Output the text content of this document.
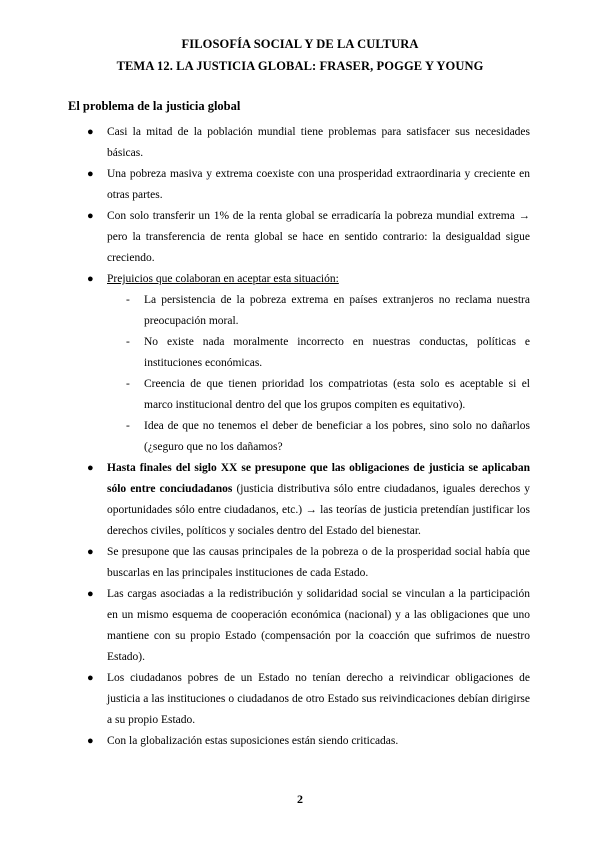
FILOSOFÍA SOCIAL Y DE LA CULTURA
TEMA 12. LA JUSTICIA GLOBAL: FRASER, POGGE Y YOUNG
El problema de la justicia global
● Casi la mitad de la población mundial tiene problemas para satisfacer sus necesidades básicas.
● Una pobreza masiva y extrema coexiste con una prosperidad extraordinaria y creciente en otras partes.
● Con solo transferir un 1% de la renta global se erradicaría la pobreza mundial extrema → pero la transferencia de renta global se hace en sentido contrario: la desigualdad sigue creciendo.
● Prejuicios que colaboran en aceptar esta situación:
- La persistencia de la pobreza extrema en países extranjeros no reclama nuestra preocupación moral.
- No existe nada moralmente incorrecto en nuestras conductas, políticas e instituciones económicas.
- Creencia de que tienen prioridad los compatriotas (esta solo es aceptable si el marco institucional dentro del que los grupos compiten es equitativo).
- Idea de que no tenemos el deber de beneficiar a los pobres, sino solo no dañarlos (¿seguro que no los dañamos?
● Hasta finales del siglo XX se presupone que las obligaciones de justicia se aplicaban sólo entre conciudadanos (justicia distributiva sólo entre ciudadanos, iguales derechos y oportunidades sólo entre ciudadanos, etc.) → las teorías de justicia pretendían justificar los derechos civiles, políticos y sociales dentro del Estado del bienestar.
● Se presupone que las causas principales de la pobreza o de la prosperidad social había que buscarlas en las principales instituciones de cada Estado.
● Las cargas asociadas a la redistribución y solidaridad social se vinculan a la participación en un mismo esquema de cooperación económica (nacional) y a las obligaciones que uno mantiene con su propio Estado (compensación por la coacción que sufrimos de nuestro Estado).
● Los ciudadanos pobres de un Estado no tenían derecho a reivindicar obligaciones de justicia a las instituciones o ciudadanos de otro Estado sus reivindicaciones debían dirigirse a su propio Estado.
● Con la globalización estas suposiciones están siendo criticadas.
2
